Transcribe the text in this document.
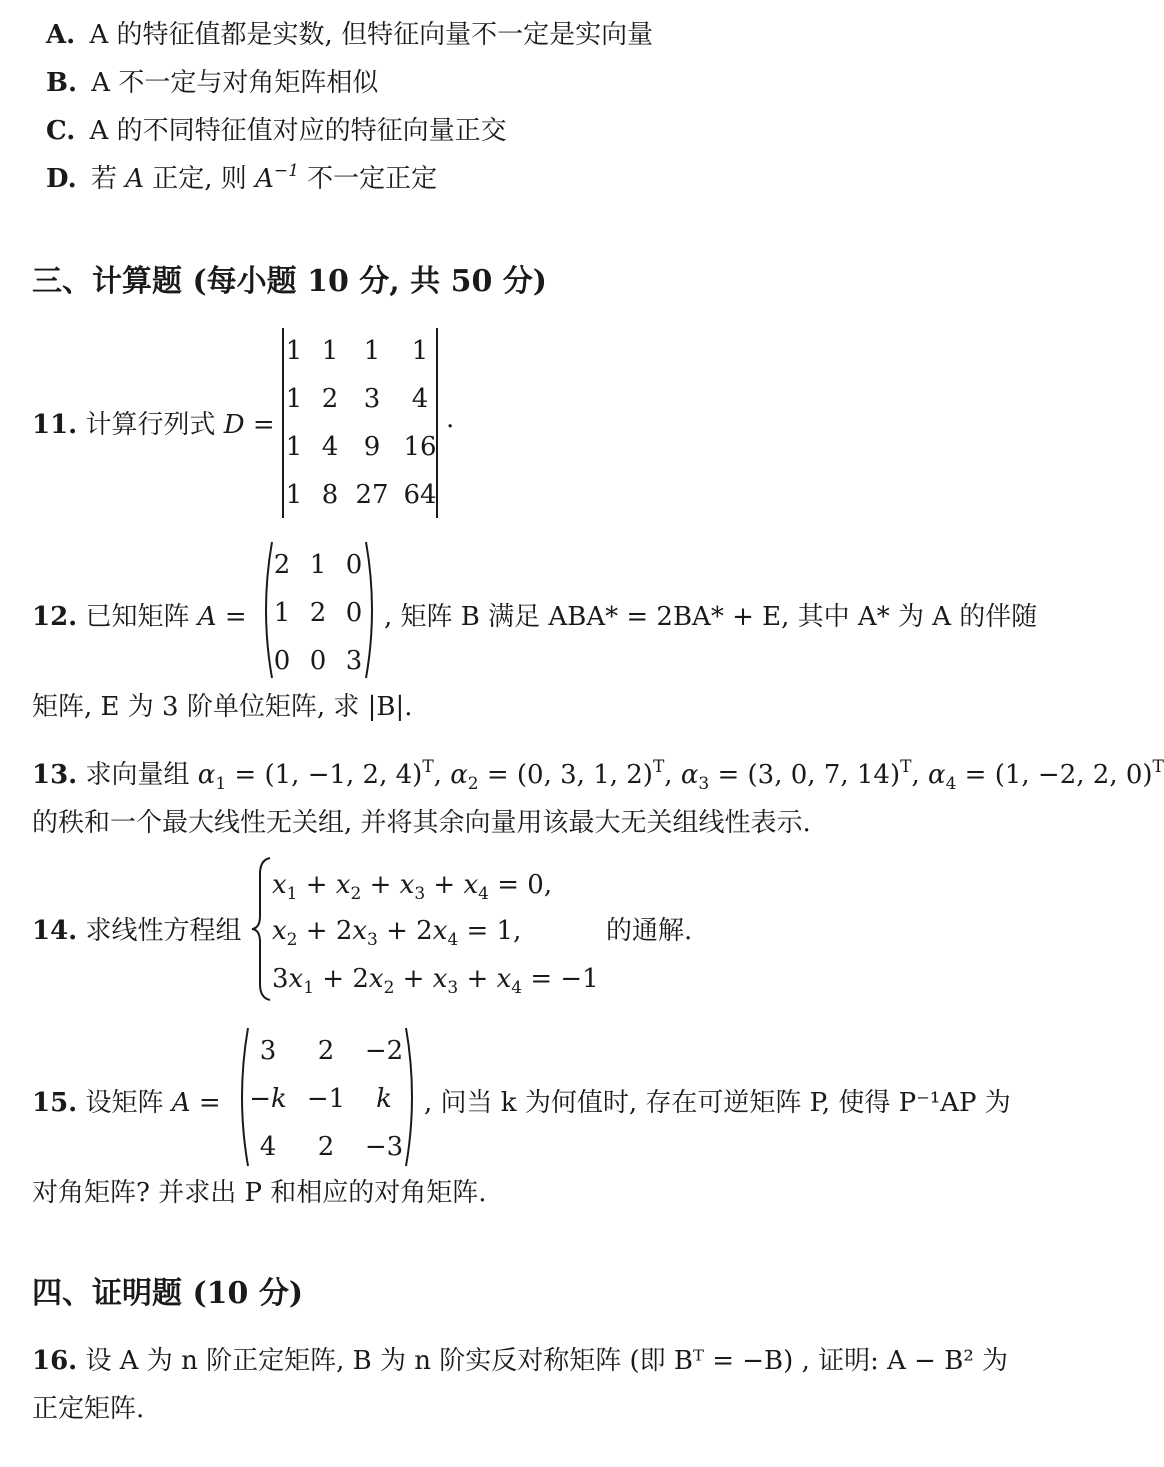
A. A 的特征值都是实数, 但特征向量不一定是实向量
B. A 不一定与对角矩阵相似
C. A 的不同特征值对应的特征向量正交
D. 若 A 正定, 则 $A^{-1}$ 不一定正定
三、计算题 (每小题 10 分, 共 50 分)
11. 计算行列式 D =
1 1 1	1
1 2 3	4
1 4 9 16
1 8 27 64
.
12. 已知矩阵 A =
2 1 0
1 2 0
0 0 3
, 矩阵 B 满足 ABA* = 2BA* + E, 其中 A* 为 A 的伴随
矩阵, E 为 3 阶单位矩阵, 求 |B|.
13. 求向量组 $\alpha_1 = (1$, −1, 2, 4)$^T$, $\alpha_2 = (0$, 3, 1, 2)$^T$, $\alpha_3 = (3$, 0, 7, 14)$^T$, $\alpha_4 = (1$, −2, 2, 0)$^T$
的秩和一个最大线性无关组, 并将其余向量用该最大无关组线性表示.
14. 求线性方程组
$x_1 + x_2 + x_3 + x_4 = 0$,
$x_2 + 2x_3 + 2x_4 = 1$,
$3x_1 + 2x_2 + x_3 + x_4 = -1$
的通解.
15. 设矩阵 A =
3	2	−2
−k −1	k
4	2	−3
, 问当 k 为何值时, 存在可逆矩阵 P, 使得 P⁻¹AP 为
对角矩阵? 并求出 P 和相应的对角矩阵.
四、证明题 (10 分)
16. 设 A 为 n 阶正定矩阵, B 为 n 阶实反对称矩阵 (即 Bᵀ = −B) , 证明: A − B² 为
正定矩阵.
